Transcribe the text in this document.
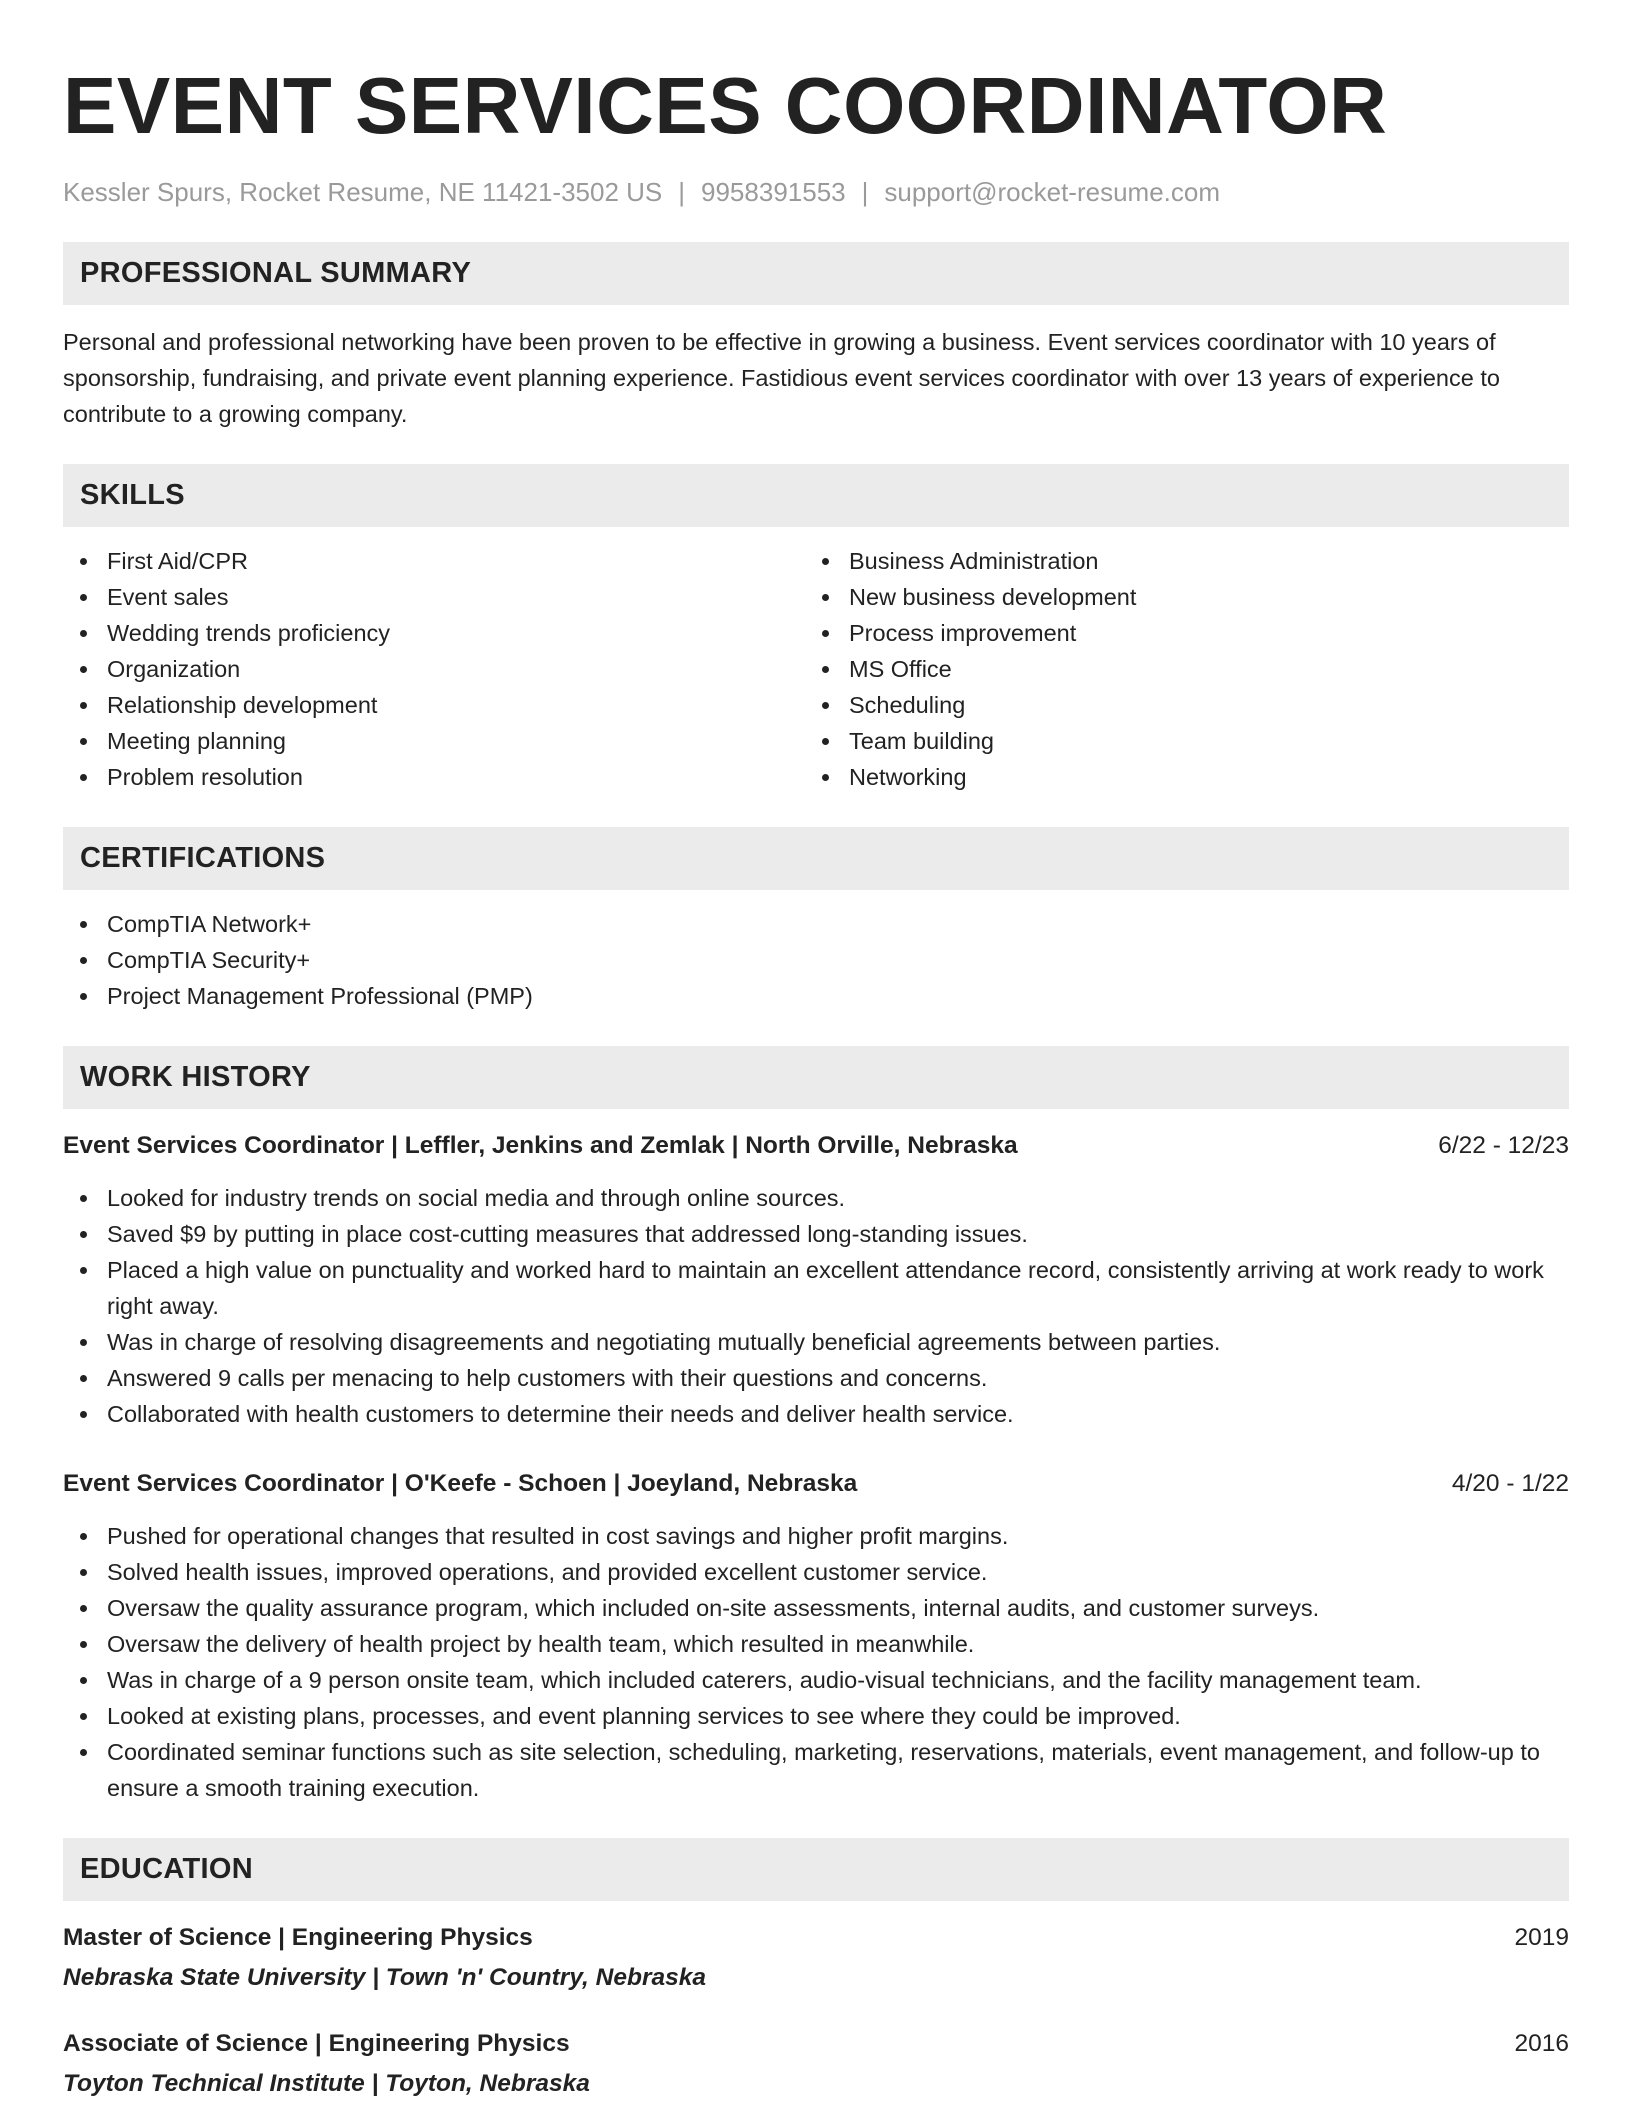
EVENT SERVICES COORDINATOR
Kessler Spurs, Rocket Resume, NE 11421-3502 US | 9958391553 | support@rocket-resume.com
PROFESSIONAL SUMMARY

Personal and professional networking have been proven to be effective in growing a business. Event services coordinator with 10 years of sponsorship, fundraising, and private event planning experience. Fastidious event services coordinator with over 13 years of experience to contribute to a growing company.

SKILLS
First Aid/CPR
Event sales
Wedding trends proficiency
Organization
Relationship development
Meeting planning
Problem resolution
Business Administration
New business development
Process improvement
MS Office
Scheduling
Team building
Networking
CERTIFICATIONS
CompTIA Network+
CompTIA Security+
Project Management Professional (PMP)
WORK HISTORY
Event Services Coordinator | Leffler, Jenkins and Zemlak | North Orville, Nebraska	6/22 - 12/23
Looked for industry trends on social media and through online sources.
Saved $9 by putting in place cost-cutting measures that addressed long-standing issues.
Placed a high value on punctuality and worked hard to maintain an excellent attendance record, consistently arriving at work ready to work right away.
Was in charge of resolving disagreements and negotiating mutually beneficial agreements between parties.
Answered 9 calls per menacing to help customers with their questions and concerns.
Collaborated with health customers to determine their needs and deliver health service.
Event Services Coordinator | O'Keefe - Schoen | Joeyland, Nebraska	4/20 - 1/22
Pushed for operational changes that resulted in cost savings and higher profit margins.
Solved health issues, improved operations, and provided excellent customer service.
Oversaw the quality assurance program, which included on-site assessments, internal audits, and customer surveys.
Oversaw the delivery of health project by health team, which resulted in meanwhile.
Was in charge of a 9 person onsite team, which included caterers, audio-visual technicians, and the facility management team.
Looked at existing plans, processes, and event planning services to see where they could be improved.
Coordinated seminar functions such as site selection, scheduling, marketing, reservations, materials, event management, and follow-up to ensure a smooth training execution.
EDUCATION
Master of Science | Engineering Physics	2019
Nebraska State University | Town 'n' Country, Nebraska
Associate of Science | Engineering Physics	2016
Toyton Technical Institute | Toyton, Nebraska
